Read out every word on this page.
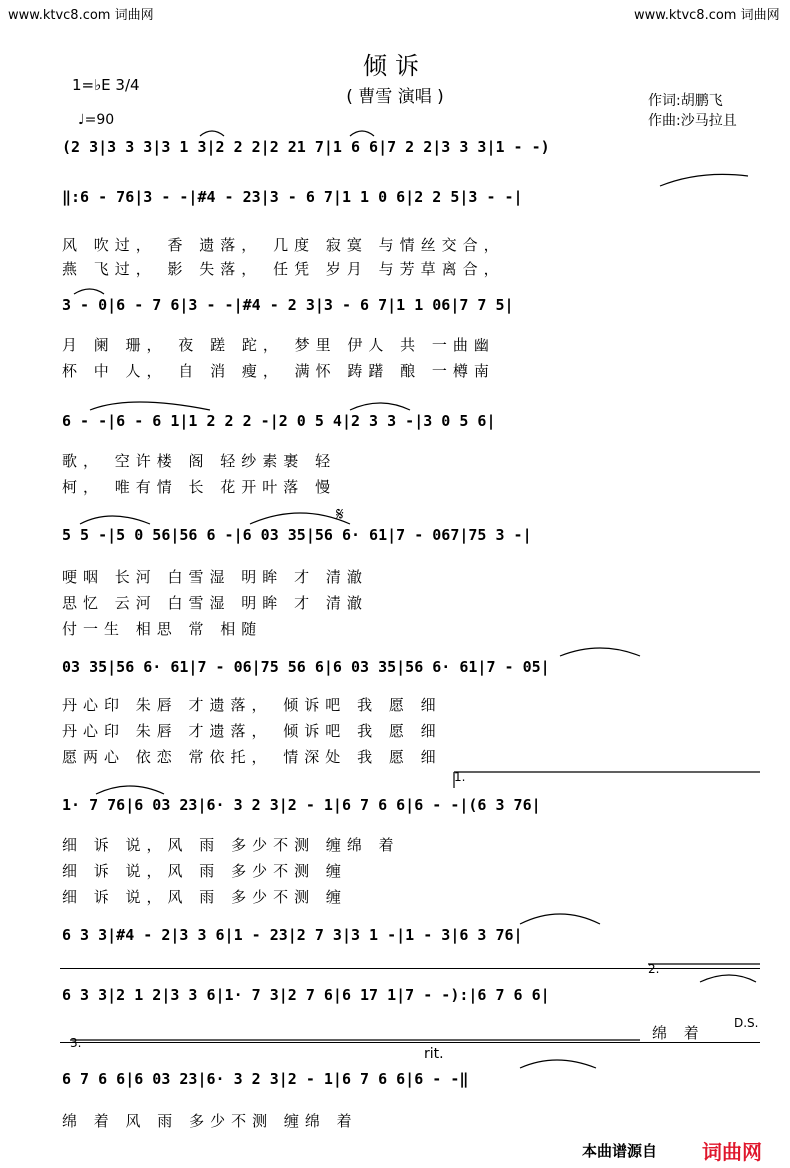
www.ktvc8.com 词曲网	www.ktvc8.com 词曲网
倾诉
( 曹雪 演唱 )	作词:胡鹏飞
作曲:沙马拉且
1=♭E 3/4
♩=90
(2 3|3 3 3|3 1 3|2 2 2|2 21 7|1 6 6|7 2 2|3 3 3|1 - -)
‖:6 - 76|3 - -|#4 - 23|3 - 6 7|1 1 0 6|2 2 5|3 - -|
风 吹过， 香 遗落， 几度 寂寞 与情丝交合，
燕 飞过， 影 失落， 任凭 岁月 与芳草离合，
3 - 0|6 - 7 6|3 - -|#4 - 2 3|3 - 6 7|1 1 06|7 7 5|
月 阑 珊， 夜 蹉 跎， 梦里 伊人 共 一曲幽
杯 中 人， 自 消 瘦， 满怀 踌躇 酿 一樽南
6 - -|6 - 6 1|1 2 2 2 -|2 0 5 4|2 3 3 -|3 0 5 6|
歌， 空许楼 阁 轻纱素裹 轻
柯， 唯有情 长 花开叶落 慢
5 5 -|5 0 56|56 6 -|6 03 35|56 6· 61|7 - 067|75 3 -|
哽咽 长河 白雪湿 明眸 才 清澈
思忆 云河 白雪湿 明眸 才 清澈
付一生 相思 常 相随
03 35|56 6· 61|7 - 06|75 56 6|6 03 35|56 6· 61|7 - 05|
丹心印 朱唇 才遗落， 倾诉吧 我 愿 细
丹心印 朱唇 才遗落， 倾诉吧 我 愿 细
愿两心 依恋 常依托， 情深处 我 愿 细
1.
1· 7 76|6 03 23|6· 3 2 3|2 - 1|6 7 6 6|6 - -|(6 3 76|
细 诉 说，风 雨 多少不测 缠绵 着
细 诉 说，风 雨 多少不测 缠
细 诉 说，风 雨 多少不测 缠
6 3 3|#4 - 2|3 3 6|1 - 23|2 7 3|3 1 -|1 - 3|6 3 76|
2.
6 3 3|2 1 2|3 3 6|1· 7 3|2 7 6|6 17 1|7 - -):|6 7 6 6|
D.S.
绵 着
3.
rit.
6 7 6 6|6 03 23|6· 3 2 3|2 - 1|6 7 6 6|6 - -‖
绵 着 风 雨 多少不测 缠绵 着
𝄋
本曲谱源自 词曲网
